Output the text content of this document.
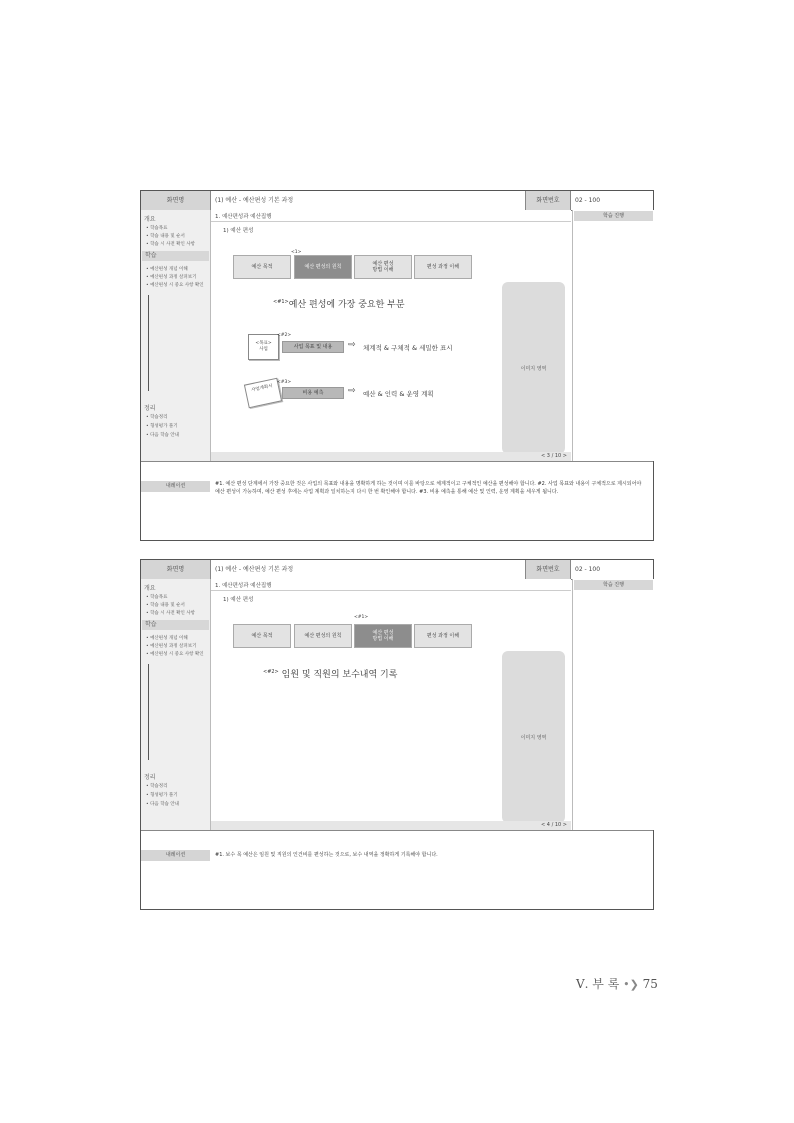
화면명	(1) 예산 - 예산편성 기본 과정	화면번호	02 - 100
개요
• 학습목표
• 학습 내용 및 순서
• 학습 시 사전 확인 사항
학습
• 예산편성 개념 이해
• 예산편성 과정 살펴보기
• 예산편성 시 중요 사항 확인
정리
• 학습정리
• 형성평가 풀기
• 다음 학습 안내
1. 예산편성과 예산집행
1) 예산 편성
<1>
예산 목적	예산 편성의 원칙
예산 편성
방법 이해
편성 과정 이해
$^{<\#1>}$예산 편성에 가장 중요한 부분
<목표>
사업
<#2>
사업 목표 및 내용	⇨ 체계적 & 구체적 & 세밀한 표시
사업계획서
<#3>
비용 예측	⇨ 예산 & 인력 & 운영 계획
이미지 영역
< 3 / 10 >
학습 진행
내레이션	#1. 예산 편성 단계에서 가장 중요한 것은 사업의 목표와 내용을 명확하게 하는 것이며 이를 바탕으로 체계적이고 구체적인 예산을 편성해야 합니다. #2. 사업 목표와 내용이 구체적으로 제시되어야 예산 편성이 가능하며, 예산 편성 후에는 사업 계획과 일치하는지 다시 한 번 확인해야 합니다. #3. 비용 예측을 통해 예산 및 인력, 운영 계획을 세우게 됩니다.
화면명	(1) 예산 - 예산편성 기본 과정	화면번호	02 - 100
개요
• 학습목표
• 학습 내용 및 순서
• 학습 시 사전 확인 사항
학습
• 예산편성 개념 이해
• 예산편성 과정 살펴보기
• 예산편성 시 중요 사항 확인
정리
• 학습정리
• 형성평가 풀기
• 다음 학습 안내
1. 예산편성과 예산집행
1) 예산 편성
<#1>
예산 목적	예산 편성의 원칙
예산 편성
방법 이해
편성 과정 이해
$^{<\#2>}$ 임원 및 직원의 보수내역 기록
이미지 영역
< 4 / 10 >
학습 진행
내레이션	#1. 보수 목 예산은 임원 및 직원의 인건비를 편성하는 것으로, 보수 내역을 정확하게 기록해야 합니다.
Ⅴ. 부 록 •❯ 75
